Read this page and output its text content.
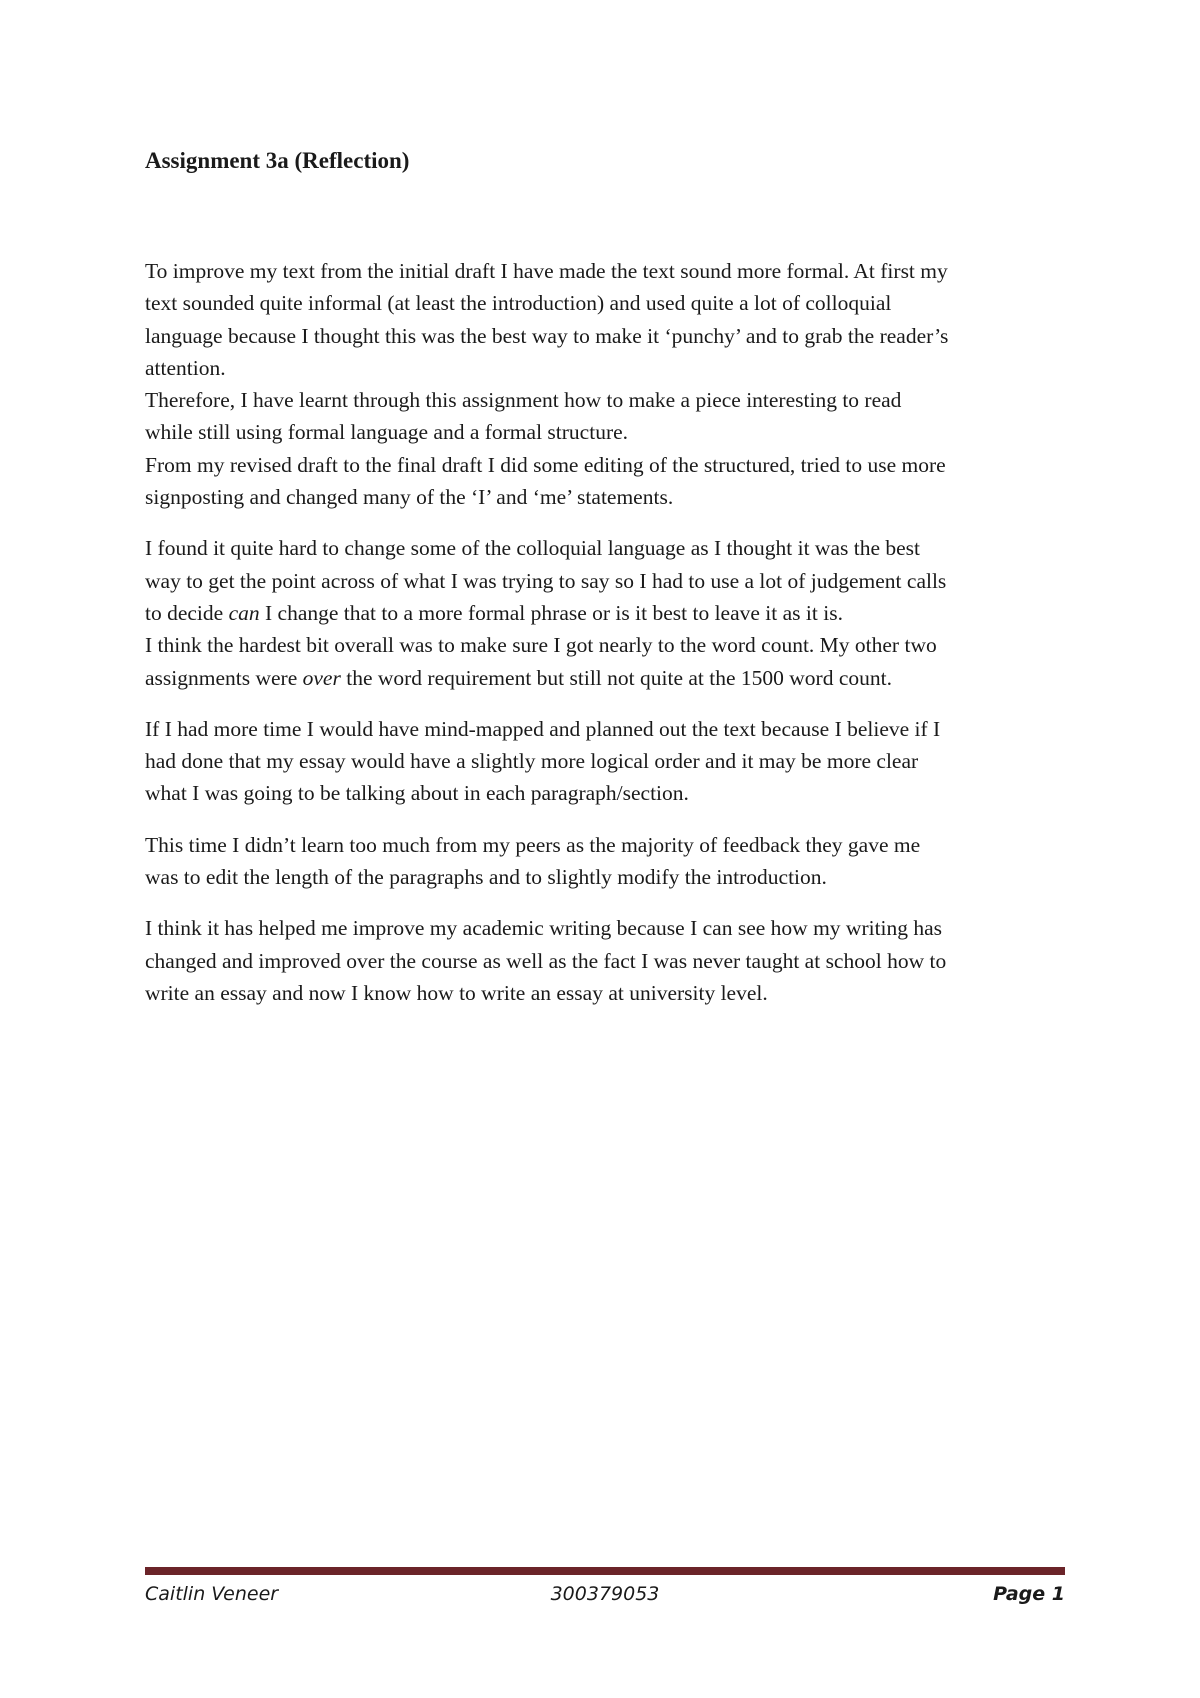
Assignment 3a (Reflection)

To improve my text from the initial draft I have made the text sound more formal. At first my
text sounded quite informal (at least the introduction) and used quite a lot of colloquial
language because I thought this was the best way to make it ‘punchy’ and to grab the reader’s
attention.
Therefore, I have learnt through this assignment how to make a piece interesting to read
while still using formal language and a formal structure.
From my revised draft to the final draft I did some editing of the structured, tried to use more
signposting and changed many of the ‘I’ and ‘me’ statements.

I found it quite hard to change some of the colloquial language as I thought it was the best
way to get the point across of what I was trying to say so I had to use a lot of judgement calls
to decide can I change that to a more formal phrase or is it best to leave it as it is.
I think the hardest bit overall was to make sure I got nearly to the word count. My other two
assignments were over the word requirement but still not quite at the 1500 word count.

If I had more time I would have mind-mapped and planned out the text because I believe if I
had done that my essay would have a slightly more logical order and it may be more clear
what I was going to be talking about in each paragraph/section.

This time I didn’t learn too much from my peers as the majority of feedback they gave me
was to edit the length of the paragraphs and to slightly modify the introduction.

I think it has helped me improve my academic writing because I can see how my writing has
changed and improved over the course as well as the fact I was never taught at school how to
write an essay and now I know how to write an essay at university level.

Caitlin Veneer	300379053	Page 1
